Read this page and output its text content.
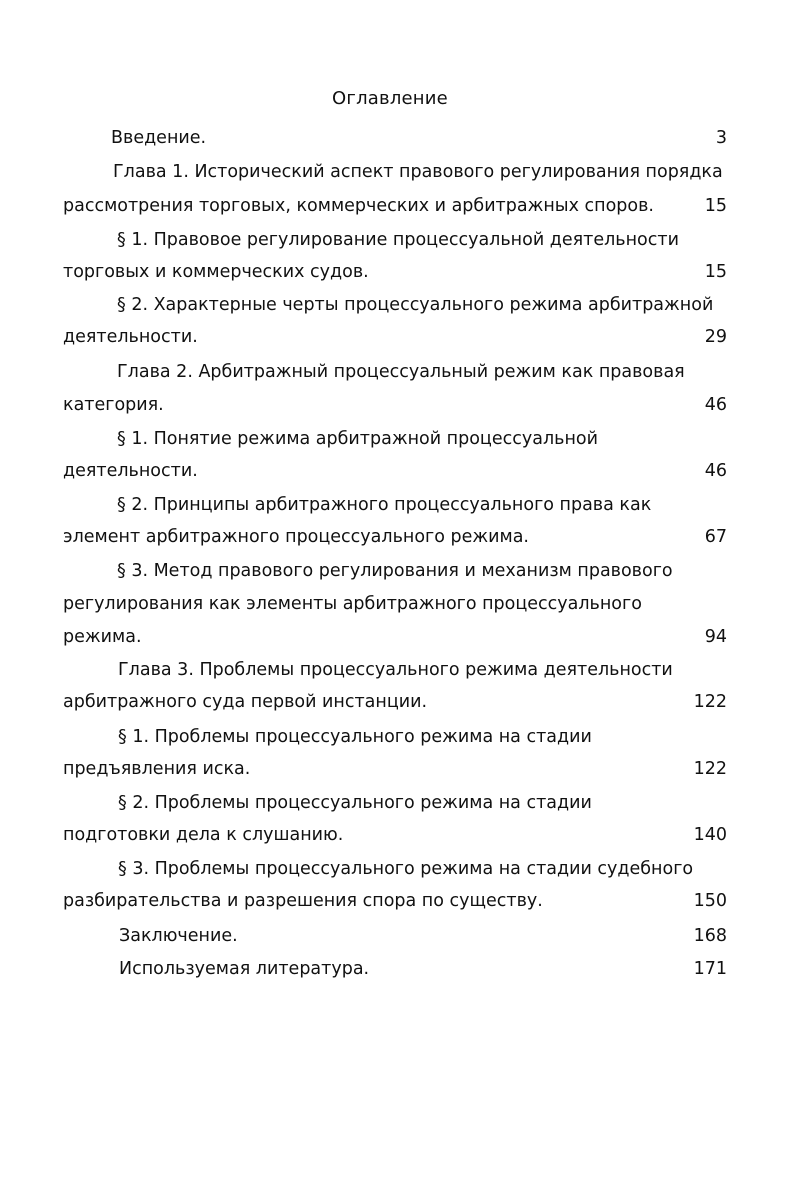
Оглавление
Введение.	3
Глава 1. Исторический аспект правового регулирования порядка
рассмотрения торговых, коммерческих и арбитражных споров.	15
§ 1. Правовое регулирование процессуальной деятельности
торговых и коммерческих судов.	15
§ 2. Характерные черты процессуального режима арбитражной
деятельности.	29
Глава 2. Арбитражный процессуальный режим как правовая
категория.	46
§ 1. Понятие режима арбитражной процессуальной
деятельности.	46
§ 2. Принципы арбитражного процессуального права как
элемент арбитражного процессуального режима.	67
§ 3. Метод правового регулирования и механизм правового
регулирования как элементы арбитражного процессуального
режима.	94
Глава 3. Проблемы процессуального режима деятельности
арбитражного суда первой инстанции.	122
§ 1. Проблемы процессуального режима на стадии
предъявления иска.	122
§ 2. Проблемы процессуального режима на стадии
подготовки дела к слушанию.	140
§ 3. Проблемы процессуального режима на стадии судебного
разбирательства и разрешения спора по существу.	150
Заключение.	168
Используемая литература.	171
